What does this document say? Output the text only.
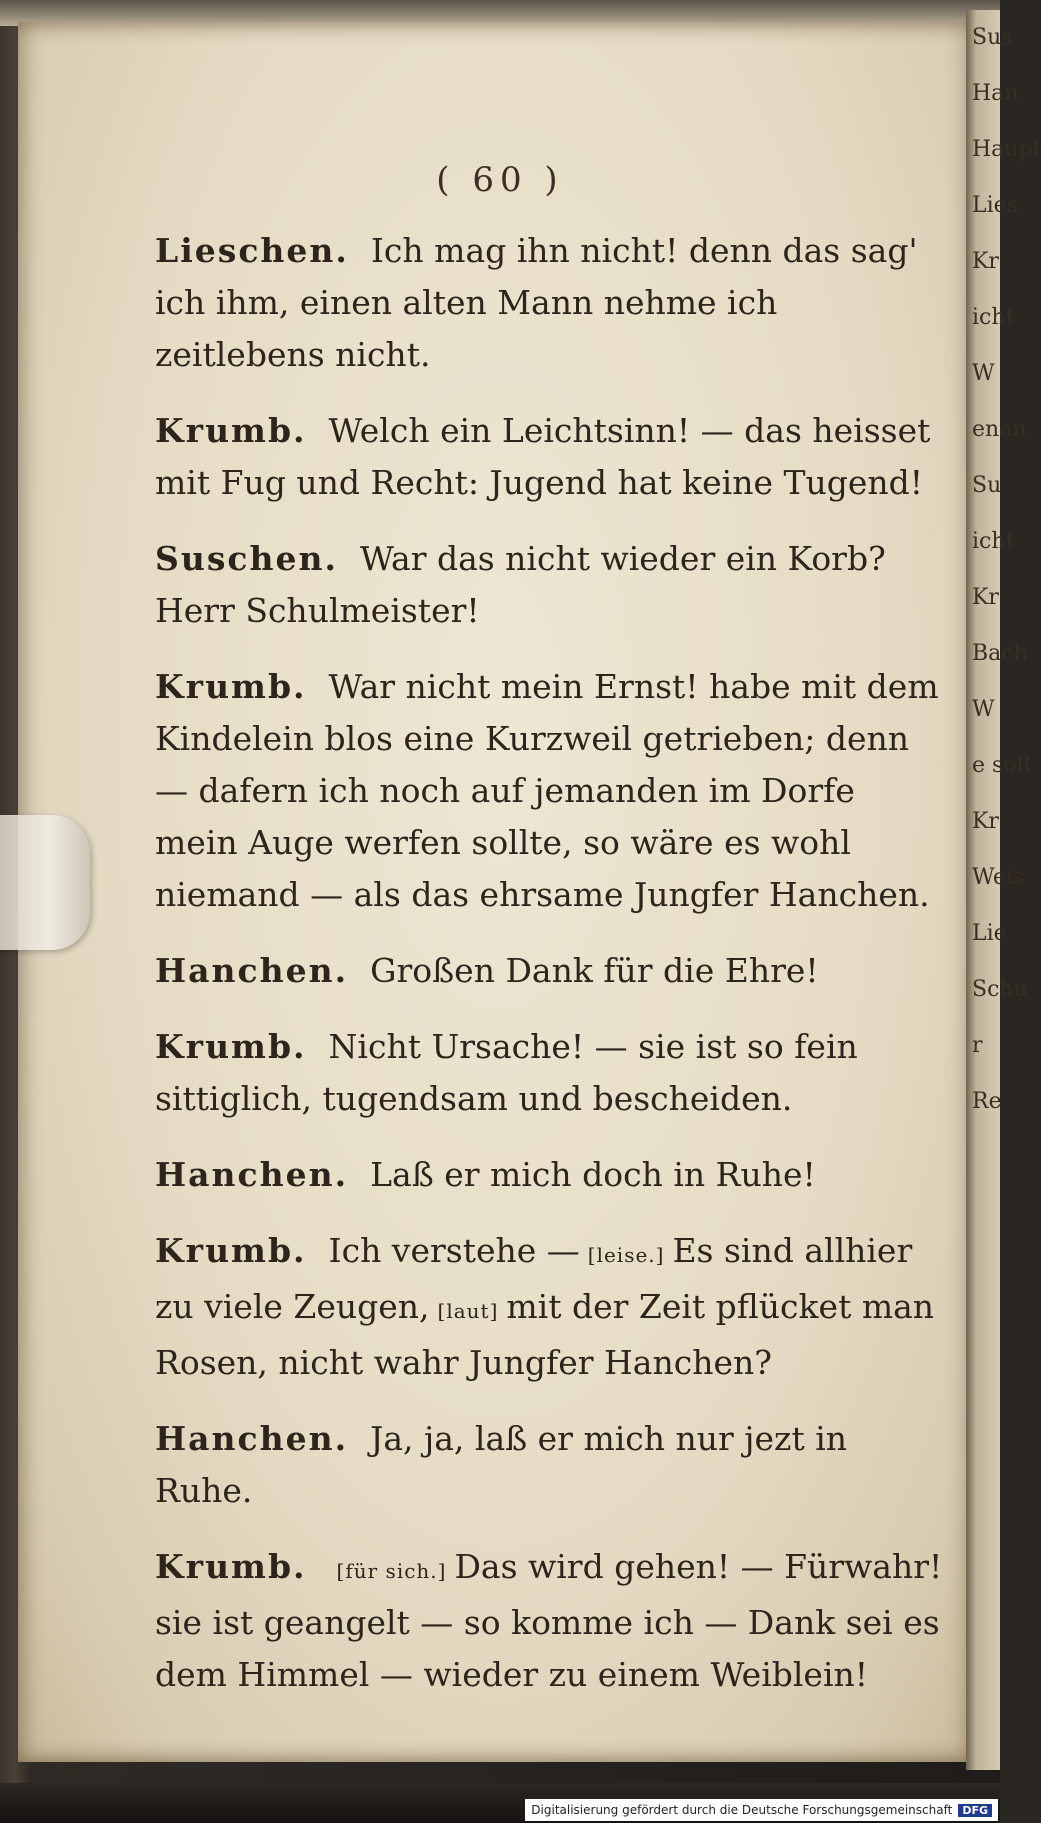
Sus
Han
Haupt
Lies
Kr
icht
W
enan
Su
icht
Kr
Bach
W
e soll
Kr
Weis
Lie
Schu
r
Re
( 60 )

Lieschen. Ich mag ihn nicht! denn das sag' ich ihm, einen alten Mann nehme ich zeitlebens nicht.

Krumb. Welch ein Leichtsinn! — das heisset mit Fug und Recht: Jugend hat keine Tugend!

Suschen. War das nicht wieder ein Korb? Herr Schulmeister!

Krumb. War nicht mein Ernst! habe mit dem Kindelein blos eine Kurzweil getrieben; denn — dafern ich noch auf jemanden im Dorfe mein Auge werfen sollte, so wäre es wohl niemand — als das ehrsame Jungfer Hanchen.

Hanchen. Großen Dank für die Ehre!

Krumb. Nicht Ursache! — sie ist so fein sittiglich, tugendsam und bescheiden.

Hanchen. Laß er mich doch in Ruhe!

Krumb. Ich verstehe — [leise.] Es sind allhier zu viele Zeugen, [laut] mit der Zeit pflücket man Rosen, nicht wahr Jungfer Hanchen?

Hanchen. Ja, ja, laß er mich nur jezt in Ruhe.

Krumb. [für sich.] Das wird gehen! — Fürwahr! sie ist geangelt — so komme ich — Dank sei es dem Himmel — wieder zu einem Weiblein!

Digitalisierung gefördert durch die Deutsche Forschungsgemeinschaft DFG
